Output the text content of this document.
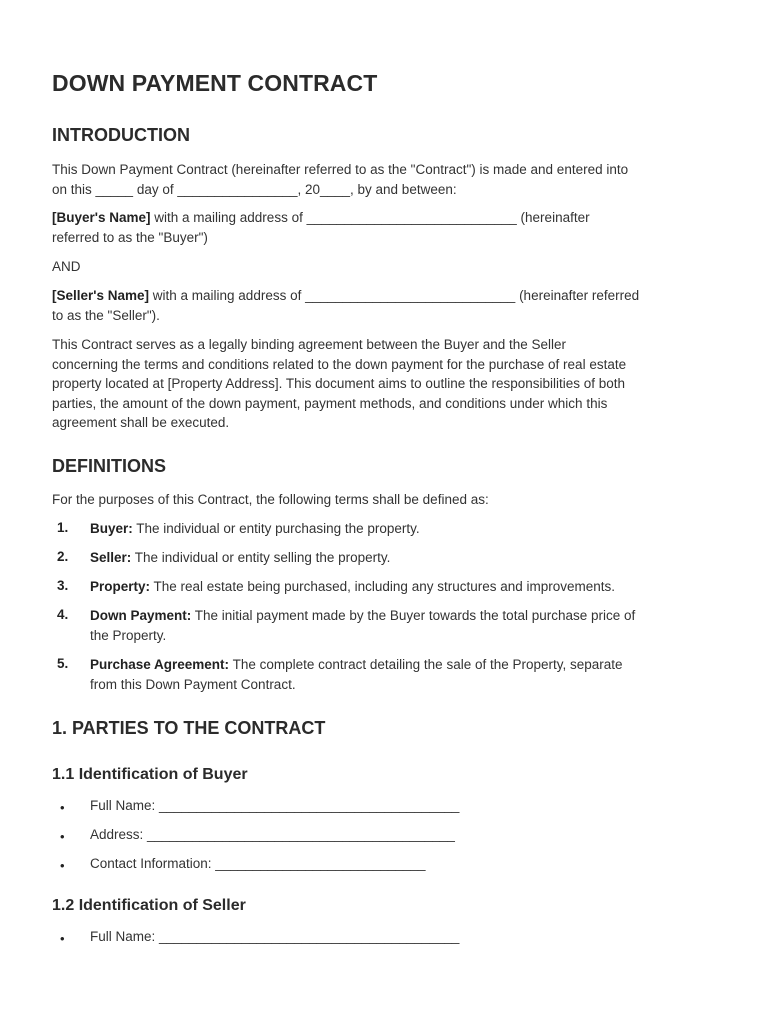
DOWN PAYMENT CONTRACT
INTRODUCTION

This Down Payment Contract (hereinafter referred to as the "Contract") is made and entered into
on this _____ day of ________________, 20____, by and between:

[Buyer's Name] with a mailing address of ____________________________ (hereinafter
referred to as the "Buyer")

AND

[Seller's Name] with a mailing address of ____________________________ (hereinafter referred
to as the "Seller").

This Contract serves as a legally binding agreement between the Buyer and the Seller
concerning the terms and conditions related to the down payment for the purchase of real estate
property located at [Property Address]. This document aims to outline the responsibilities of both
parties, the amount of the down payment, payment methods, and conditions under which this
agreement shall be executed.

DEFINITIONS

For the purposes of this Contract, the following terms shall be defined as:

1. Buyer: The individual or entity purchasing the property.

2. Seller: The individual or entity selling the property.

3. Property: The real estate being purchased, including any structures and improvements.

4. Down Payment: The initial payment made by the Buyer towards the total purchase price of
the Property.

5. Purchase Agreement: The complete contract detailing the sale of the Property, separate
from this Down Payment Contract.

1. PARTIES TO THE CONTRACT
1.1 Identification of Buyer
• Full Name: ________________________________________
• Address: _________________________________________
• Contact Information: ____________________________
1.2 Identification of Seller
• Full Name: ________________________________________
